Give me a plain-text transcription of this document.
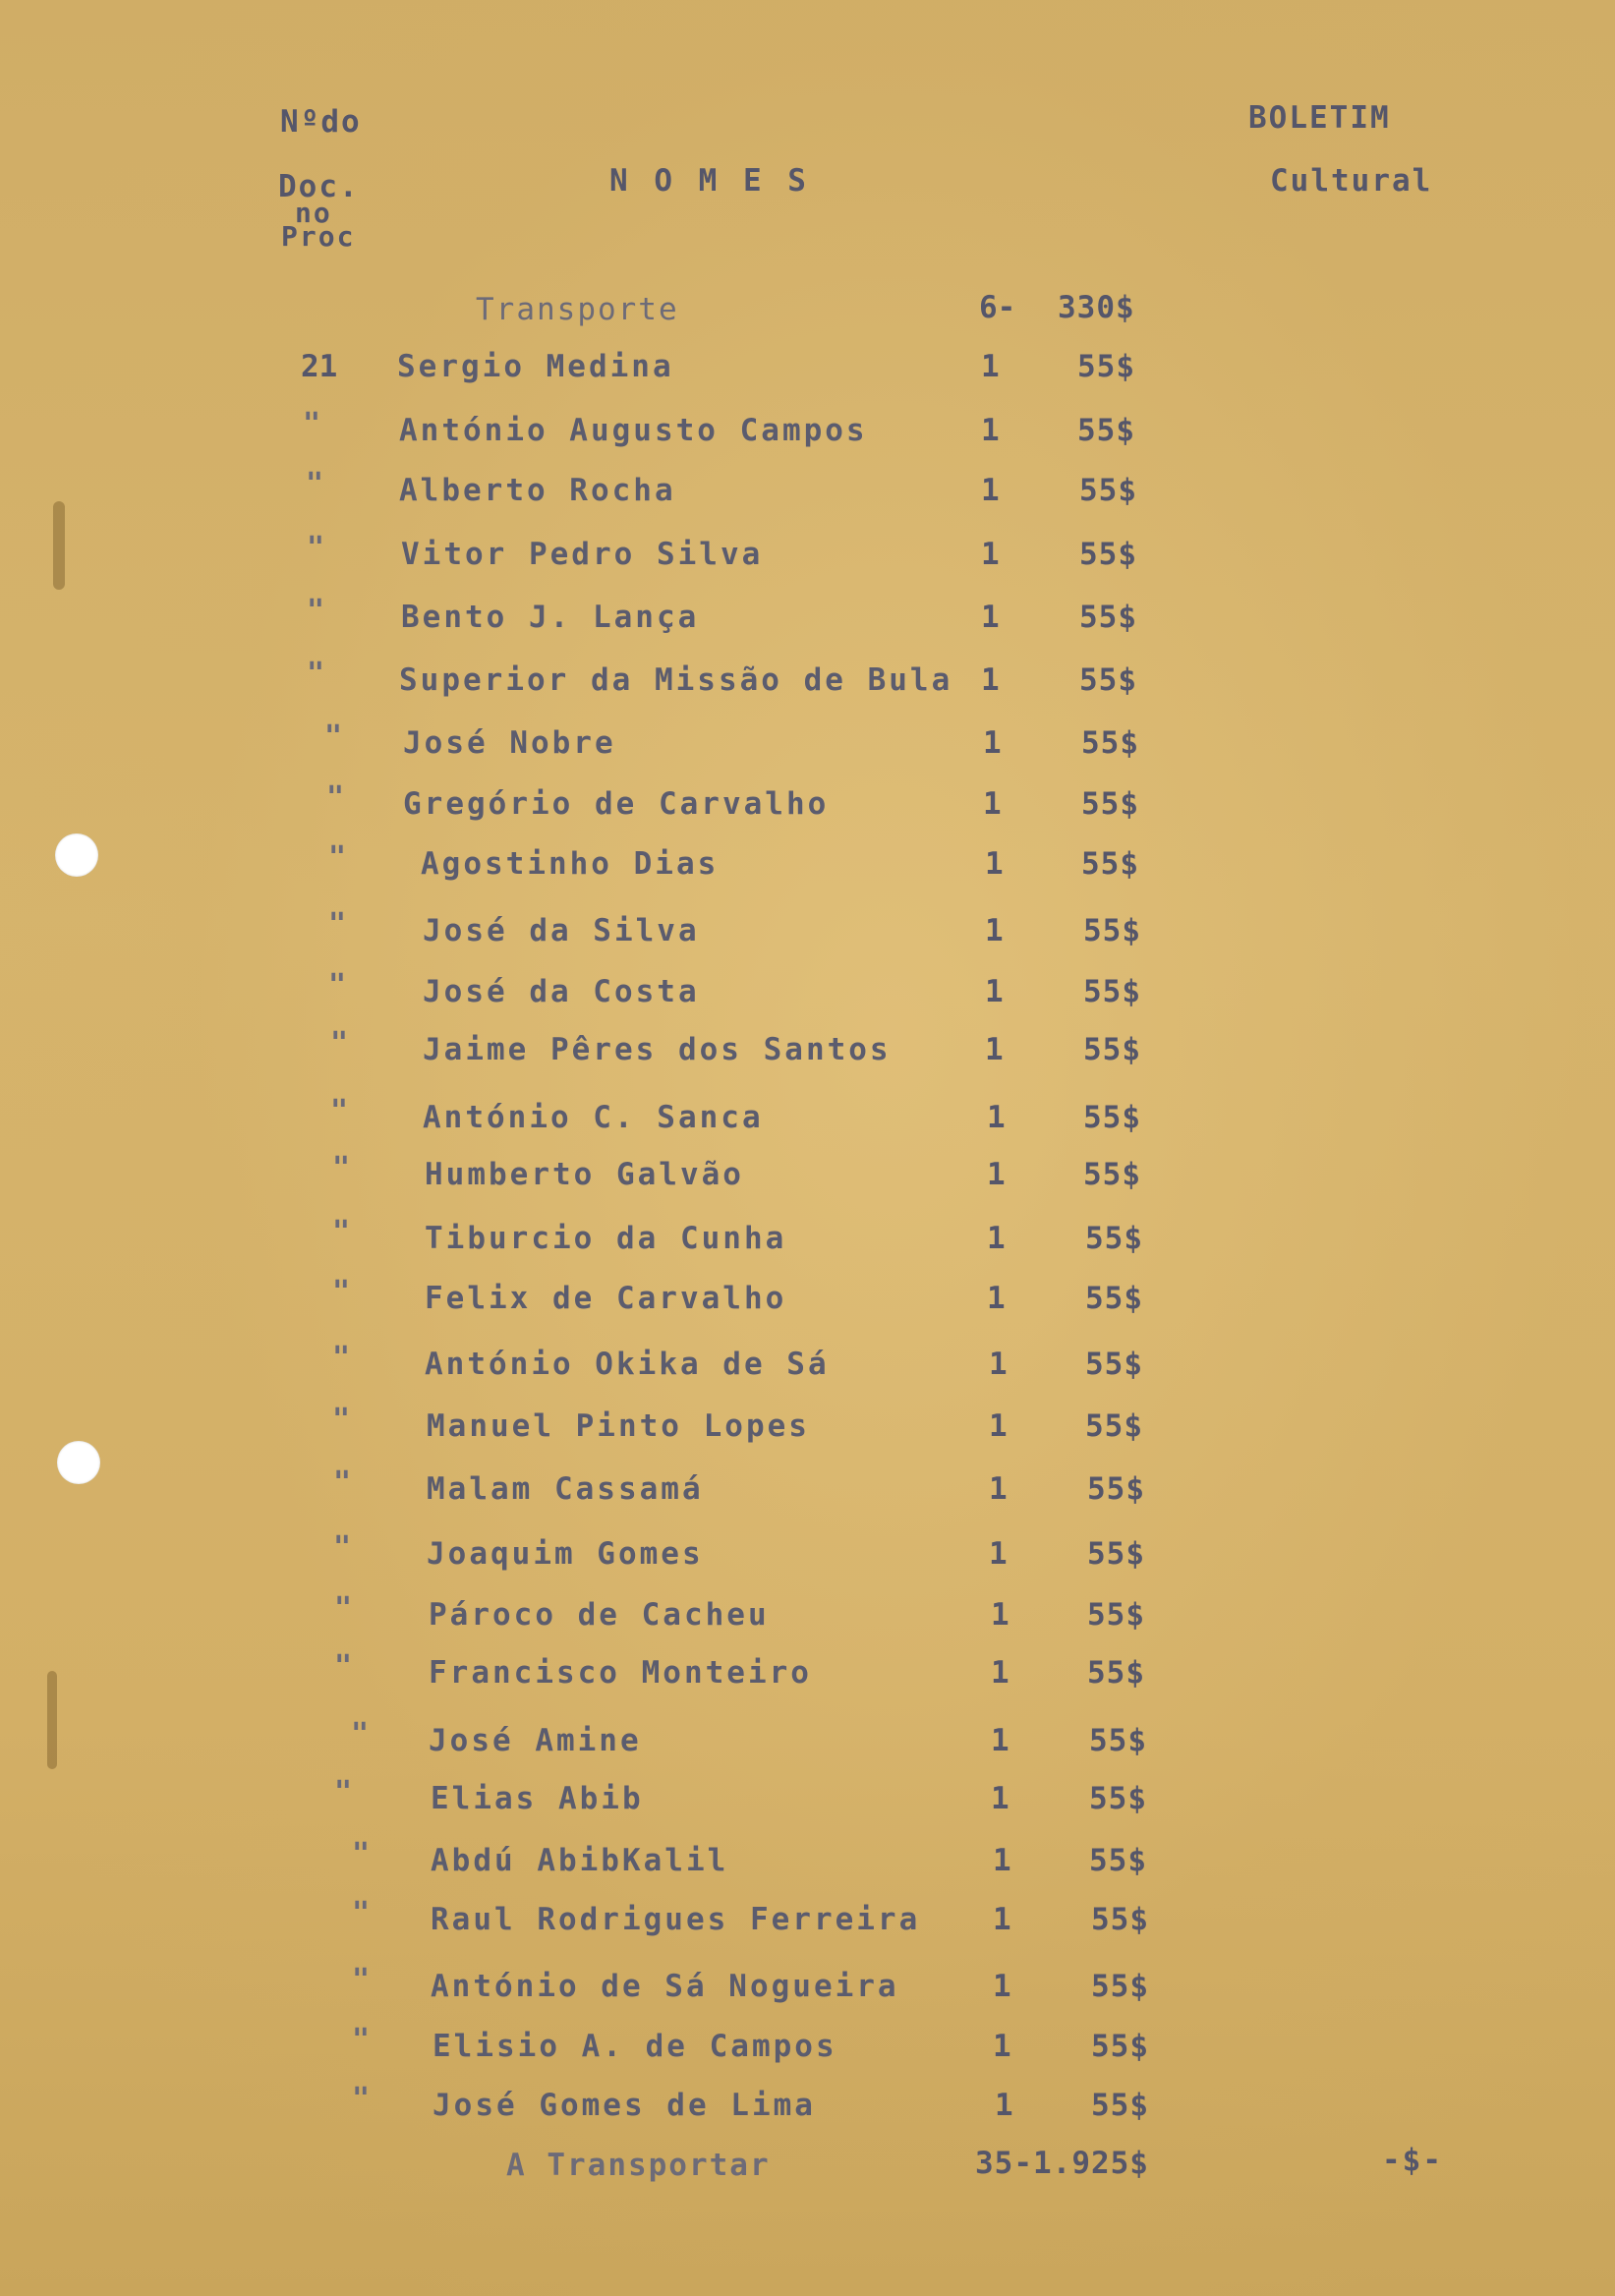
Nºdo
Doc.
no
Proc
N O M E S
BOLETIM
Cultural
Transporte	6- 330$
21 Sergio Medina	1	55$
"	António Augusto Campos	1	55$
" Alberto Rocha	1	55$
"	Vitor Pedro Silva	1	55$
"	Bento J. Lança	1	55$
" Superior da Missão de Bula 1	55$
" José Nobre	1	55$
" Gregório de Carvalho	1	55$
" Agostinho Dias	1	55$
"	José da Silva	1	55$
"	José da Costa	1	55$
" Jaime Pêres dos Santos	1	55$
" António C. Sanca	1	55$
" Humberto Galvão	1	55$
" Tiburcio da Cunha	1	55$
" Felix de Carvalho	1	55$
" António Okika de Sá	1	55$
"	Manuel Pinto Lopes	1	55$
" Malam Cassamá	1	55$
" Joaquim Gomes	1	55$
"	Pároco de Cacheu	1	55$
"	Francisco Monteiro	1	55$
" José Amine	1	55$
"	Elias Abib	1	55$
" Abdú AbibKalil	1	55$
" Raul Rodrigues Ferreira 1	55$
" António de Sá Nogueira	1	55$
" Elisio A. de Campos	1	55$
" José Gomes de Lima	1	55$
A Transportar	35-1.925$	-$-
